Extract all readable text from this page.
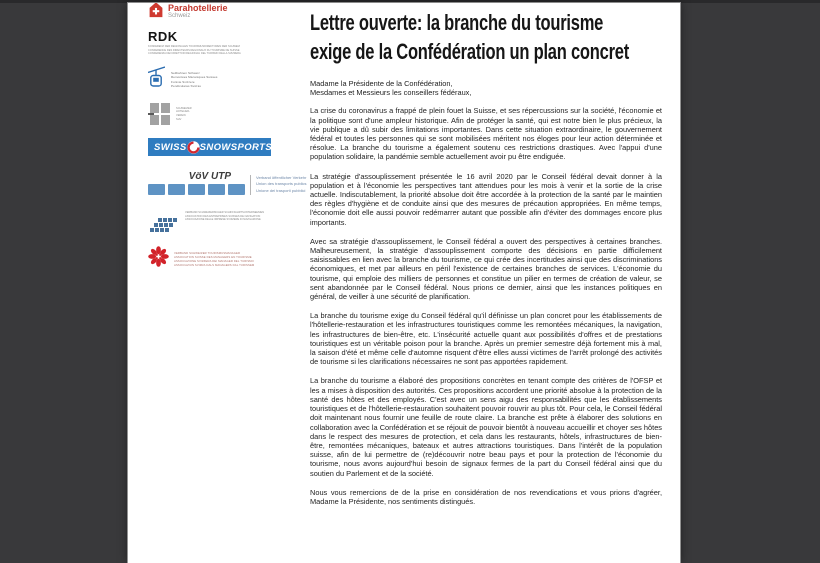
Parahotellerie
Schweiz
RDK
KONFERENZ DER REGIONALEN TOURISMUSDIREKTOREN DER SCHWEIZ
CONFERENCE DES DIRECTEURS REGIONAUX DU TOURISME DE SUISSE
CONFERENZA DEI DIRETTORI REGIONALI DEL TURISMO DELLA SVIZZERA
Seilbahnen Schweiz
Remontées Mécaniques Suisses
Funivie Svizzere
Pendicularas Svizras
SCHWEIZER
HOTELIER-
VEREIN
SHV
SWISS SNOWSPORTS
VöV UTP	Verband öffentlicher Verkehr
Union des transports publics
Unione dei trasporti pubblici
VERBAND SCHWEIZERISCHER SCHIFFFAHRTSUNTERNEHMEN
ASSOCIATION DES ENTREPRISES SUISSES DE NAVIGATION
ASSOCIAZIONE DELLE IMPRESE SVIZZERE DI NAVIGAZIONE
VERBAND SCHWEIZER TOURISMUSMANAGER
ASSOCIATION SUISSE DES MANAGERS EN TOURISME
ASSOCIAZIONE SVIZZERA DEI MANAGER DEL TURISMO
ASSOCIAZIUN SVIZRA DALS MANAGERS DAL TURISSEM
Lettre ouverte: la branche du tourisme
exige de la Confédération un plan concret
Madame la Présidente de la Confédération,
Mesdames et Messieurs les conseillers fédéraux,

La crise du coronavirus a frappé de plein fouet la Suisse, et ses répercussions sur la société, l'économie et la politique sont d'une ampleur historique. Afin de protéger la santé, qui est notre bien le plus précieux, la vie publique a dû subir des limitations importantes. Dans cette situation extraordinaire, le gouvernement fédéral et toutes les personnes qui se sont mobilisées méritent nos éloges pour leur action déterminée et résolue. La branche du tourisme a également soutenu ces restrictions drastiques. Avec l'appui d'une population solidaire, la pandémie semble actuellement avoir pu être endiguée.

La stratégie d'assouplissement présentée le 16 avril 2020 par le Conseil fédéral devait donner à la population et à l'économie les perspectives tant attendues pour les mois à venir et la sortie de la crise actuelle. Indiscutablement, la priorité absolue doit être accordée à la protection de la santé par le maintien des règles d'hygiène et de conduite ainsi que des mesures de précaution appropriées. En même temps, l'économie doit elle aussi pouvoir redémarrer autant que possible afin d'éviter des dommages encore plus importants.

Avec sa stratégie d'assouplissement, le Conseil fédéral a ouvert des perspectives à certaines branches. Malheureusement, la stratégie d'assouplissement comporte des décisions en partie difficilement saisissables en lien avec la branche du tourisme, ce qui crée des incertitudes ainsi que des discriminations économiques, et met par ailleurs en péril l'existence de certaines branches de services. L'économie du tourisme, qui emploie des milliers de personnes et constitue un pilier en termes de création de valeur, se sent abandonnée par le Conseil fédéral. Nous prions ce dernier, ainsi que les instances politiques en général, de veiller à une sécurité de planification.

La branche du tourisme exige du Conseil fédéral qu'il définisse un plan concret pour les établissements de l'hôtellerie-restauration et les infrastructures touristiques comme les remontées mécaniques, la navigation, les infrastructures de bien-être, etc. L'insécurité actuelle quant aux possibilités d'offres et de prestations touristiques est un véritable poison pour la branche. Après un premier semestre déjà fortement mis à mal, la saison d'été et même celle d'automne risquent d'être elles aussi victimes de l'arrêt prolongé des activités de tourisme si les clarifications nécessaires ne sont pas apportées rapidement.

La branche du tourisme a élaboré des propositions concrètes en tenant compte des critères de l'OFSP et les a mises à disposition des autorités. Ces propositions accordent une priorité absolue à la protection de la santé des hôtes et des employés. C'est avec un sens aigu des responsabilités que les établissements touristiques et de l'hôtellerie-restauration souhaitent pouvoir rouvrir au plus tôt. Pour cela, le Conseil fédéral doit maintenant nous fournir une feuille de route claire. La branche est prête à élaborer des solutions en collaboration avec la Confédération et se réjouit de pouvoir bientôt à nouveau accueillir et choyer ses hôtes dans le respect des mesures de protection, et cela dans les restaurants, hôtels, infrastructures de bien-être, remontées mécaniques, bateaux et autres attractions touristiques. Dans l'intérêt de la population suisse, afin de lui permettre de (re)découvrir notre beau pays et pour la protection de l'économie du tourisme, nous avons aujourd'hui besoin de signaux fermes de la part du Conseil fédéral ainsi que du soutien du Parlement et de la société.

Nous vous remercions de de la prise en considération de nos revendications et vous prions d'agréer, Madame la Présidente, nos sentiments distingués.
